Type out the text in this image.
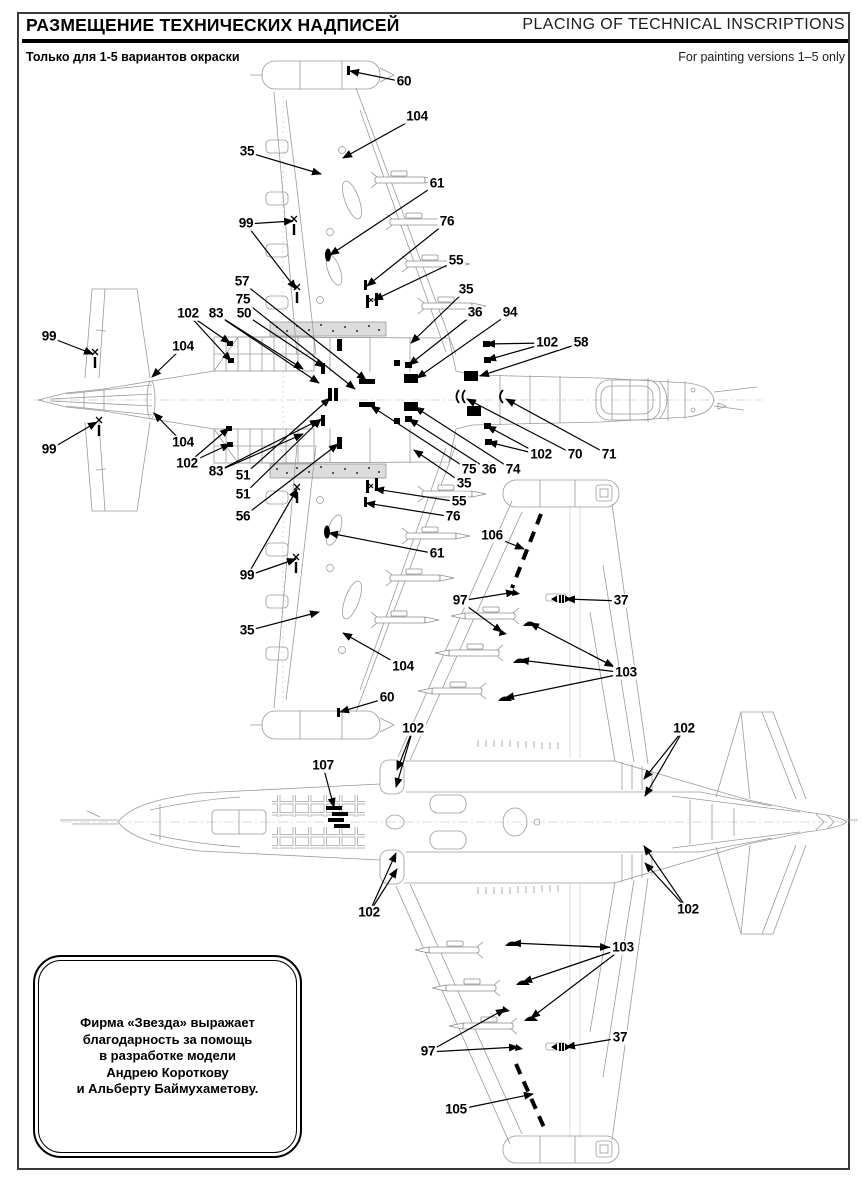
РАЗМЕЩЕНИЕ ТЕХНИЧЕСКИХ НАДПИСЕЙ	PLACING OF TECHNICAL INSCRIPTIONS
Только для 1-5 вариантов окраски	For painting versions 1–5 only
60
104
35
61
76
55
99
57
75
50
102 83
104
99
99	104
102
83 51
51
56
35
36 94
102 58
70 71
102
75 36 74
35
55
76
61
99
35
104
60
106
97	37
103
102
107
102
102	102
103
37
97
105
Фирма «Звезда» выражает
благодарность за помощь
в разработке модели
Андрею Короткову
и Альберту Баймухаметову.
